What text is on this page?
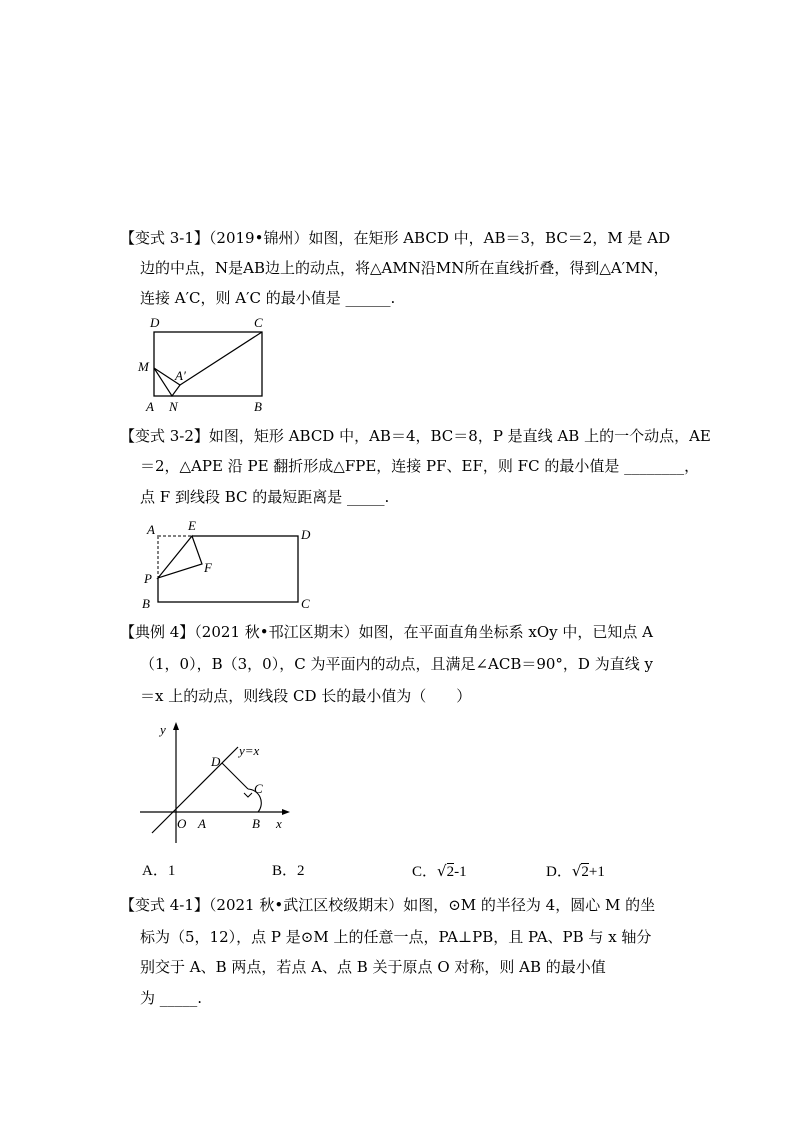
【变式 3-1】（2019•锦州）如图，在矩形 ABCD 中，AB＝3，BC＝2，M 是 AD
边的中点，N是AB边上的动点，将△AMN沿MN所在直线折叠，得到△A′MN，
连接 A′C，则 A′C 的最小值是 ______.
D	C
M
A′
A N	B
【变式 3-2】如图，矩形 ABCD 中，AB＝4，BC＝8，P 是直线 AB 上的一个动点，AE
＝2，△APE 沿 PE 翻折形成△FPE，连接 PF、EF，则 FC 的最小值是 ________，
点 F 到线段 BC 的最短距离是 _____.
A	E
D
F
P
B	C
【典例 4】（2021 秋•邗江区期末）如图，在平面直角坐标系 xOy 中，已知点 A
（1，0），B（3，0），C 为平面内的动点，且满足∠ACB＝90°，D 为直线 y
＝x 上的动点，则线段 CD 长的最小值为（　　）
y
y=x
D
C
O A	B x
A．1	B．2	C．√2-1	D．√2+1
【变式 4-1】（2021 秋•武江区校级期末）如图，⊙M 的半径为 4，圆心 M 的坐
标为（5，12），点 P 是⊙M 上的任意一点，PA⊥PB，且 PA、PB 与 x 轴分
别交于 A、B 两点，若点 A、点 B 关于原点 O 对称，则 AB 的最小值
为 _____.
